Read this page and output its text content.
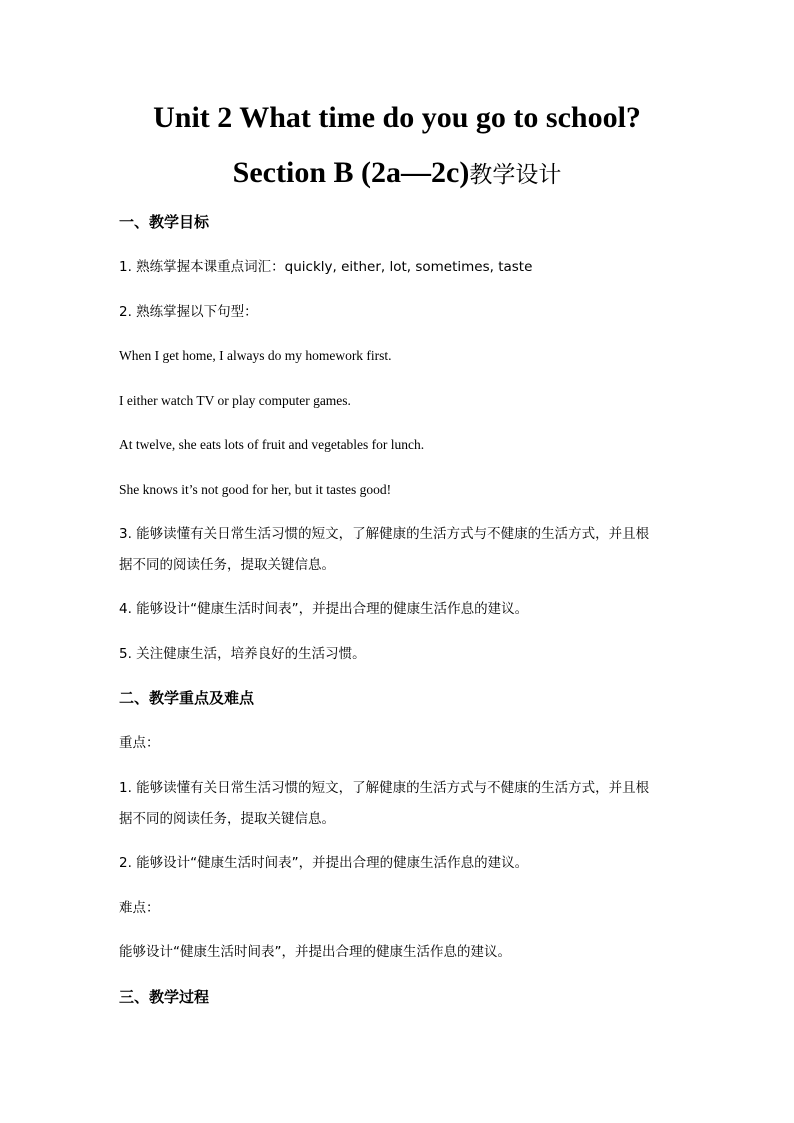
Unit 2 What time do you go to school?
Section B (2a—2c)教学设计
一、教学目标
1. 熟练掌握本课重点词汇：quickly, either, lot, sometimes, taste
2. 熟练掌握以下句型：
When I get home, I always do my homework first.
I either watch TV or play computer games.
At twelve, she eats lots of fruit and vegetables for lunch.
She knows it’s not good for her, but it tastes good!
3. 能够读懂有关日常生活习惯的短文，了解健康的生活方式与不健康的生活方式，并且根
据不同的阅读任务，提取关键信息。
4. 能够设计“健康生活时间表”，并提出合理的健康生活作息的建议。
5. 关注健康生活，培养良好的生活习惯。
二、教学重点及难点
重点：
1. 能够读懂有关日常生活习惯的短文，了解健康的生活方式与不健康的生活方式，并且根
据不同的阅读任务，提取关键信息。
2. 能够设计“健康生活时间表”，并提出合理的健康生活作息的建议。
难点：
能够设计“健康生活时间表”，并提出合理的健康生活作息的建议。
三、教学过程
